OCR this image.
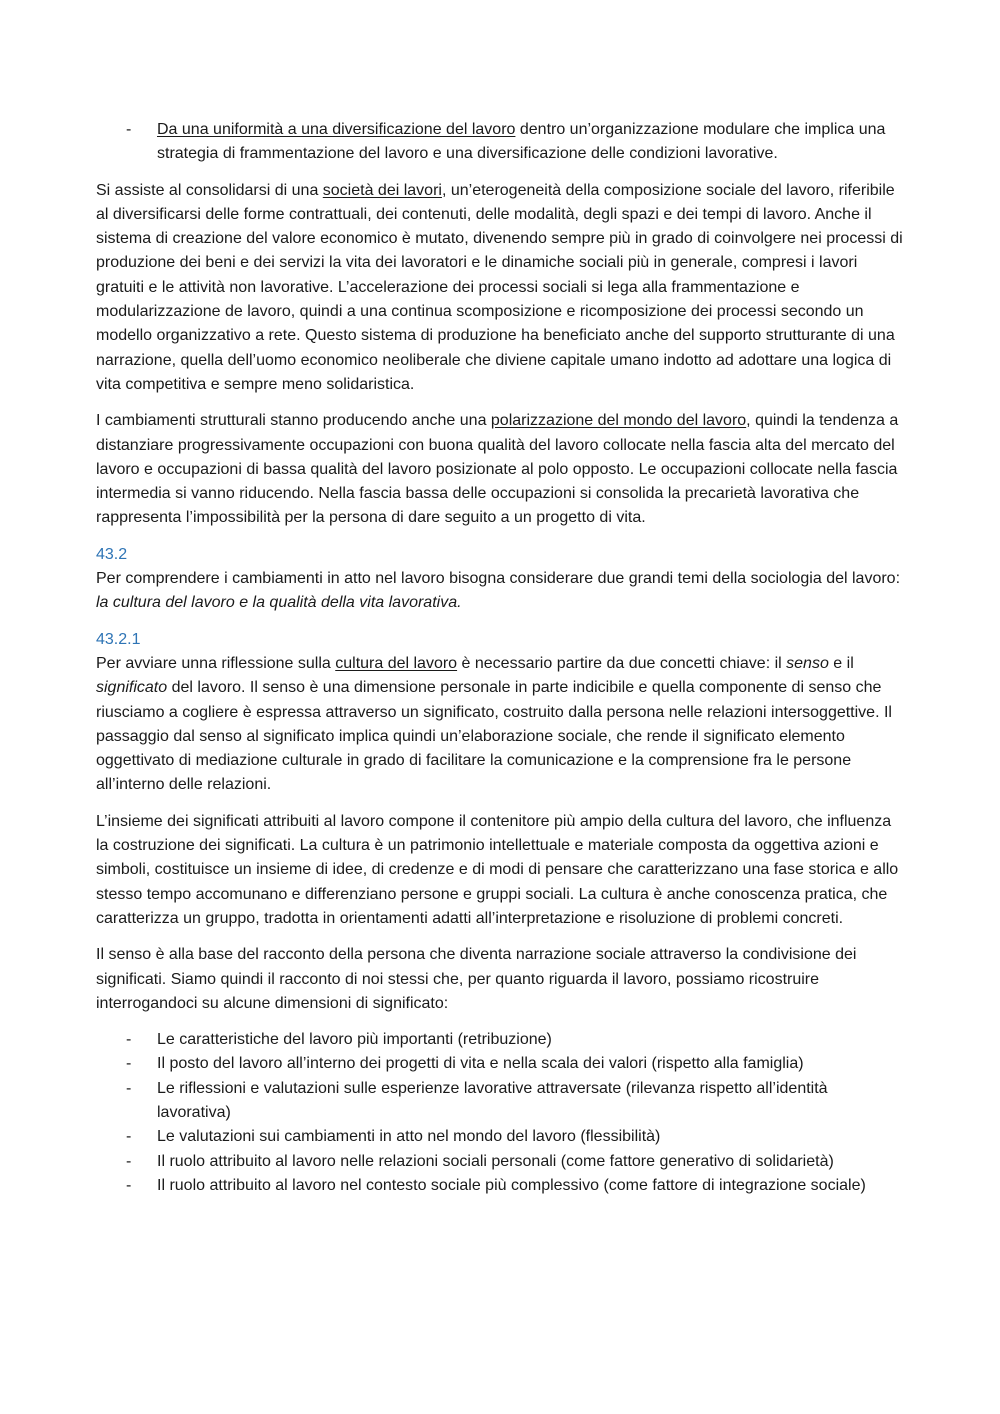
- Da una uniformità a una diversificazione del lavoro dentro un’organizzazione modulare che implica una strategia di frammentazione del lavoro e una diversificazione delle condizioni lavorative.

Si assiste al consolidarsi di una società dei lavori, un’eterogeneità della composizione sociale del lavoro, riferibile al diversificarsi delle forme contrattuali, dei contenuti, delle modalità, degli spazi e dei tempi di lavoro. Anche il sistema di creazione del valore economico è mutato, divenendo sempre più in grado di coinvolgere nei processi di produzione dei beni e dei servizi la vita dei lavoratori e le dinamiche sociali più in generale, compresi i lavori gratuiti e le attività non lavorative. L’accelerazione dei processi sociali si lega alla frammentazione e modularizzazione de lavoro, quindi a una continua scomposizione e ricomposizione dei processi secondo un modello organizzativo a rete. Questo sistema di produzione ha beneficiato anche del supporto strutturante di una narrazione, quella dell’uomo economico neoliberale che diviene capitale umano indotto ad adottare una logica di vita competitiva e sempre meno solidaristica.

I cambiamenti strutturali stanno producendo anche una polarizzazione del mondo del lavoro, quindi la tendenza a distanziare progressivamente occupazioni con buona qualità del lavoro collocate nella fascia alta del mercato del lavoro e occupazioni di bassa qualità del lavoro posizionate al polo opposto. Le occupazioni collocate nella fascia intermedia si vanno riducendo. Nella fascia bassa delle occupazioni si consolida la precarietà lavorativa che rappresenta l’impossibilità per la persona di dare seguito a un progetto di vita.

43.2

Per comprendere i cambiamenti in atto nel lavoro bisogna considerare due grandi temi della sociologia del lavoro: la cultura del lavoro e la qualità della vita lavorativa.

43.2.1

Per avviare unna riflessione sulla cultura del lavoro è necessario partire da due concetti chiave: il senso e il significato del lavoro. Il senso è una dimensione personale in parte indicibile e quella componente di senso che riusciamo a cogliere è espressa attraverso un significato, costruito dalla persona nelle relazioni intersoggettive. Il passaggio dal senso al significato implica quindi un’elaborazione sociale, che rende il significato elemento oggettivato di mediazione culturale in grado di facilitare la comunicazione e la comprensione fra le persone all’interno delle relazioni.

L’insieme dei significati attribuiti al lavoro compone il contenitore più ampio della cultura del lavoro, che influenza la costruzione dei significati. La cultura è un patrimonio intellettuale e materiale composta da oggettiva azioni e simboli, costituisce un insieme di idee, di credenze e di modi di pensare che caratterizzano una fase storica e allo stesso tempo accomunano e differenziano persone e gruppi sociali. La cultura è anche conoscenza pratica, che caratterizza un gruppo, tradotta in orientamenti adatti all’interpretazione e risoluzione di problemi concreti.

Il senso è alla base del racconto della persona che diventa narrazione sociale attraverso la condivisione dei significati. Siamo quindi il racconto di noi stessi che, per quanto riguarda il lavoro, possiamo ricostruire interrogandoci su alcune dimensioni di significato:

- Le caratteristiche del lavoro più importanti (retribuzione)
- Il posto del lavoro all’interno dei progetti di vita e nella scala dei valori (rispetto alla famiglia)
- Le riflessioni e valutazioni sulle esperienze lavorative attraversate (rilevanza rispetto all’identità lavorativa)
- Le valutazioni sui cambiamenti in atto nel mondo del lavoro (flessibilità)
- Il ruolo attribuito al lavoro nelle relazioni sociali personali (come fattore generativo di solidarietà)
- Il ruolo attribuito al lavoro nel contesto sociale più complessivo (come fattore di integrazione sociale)
